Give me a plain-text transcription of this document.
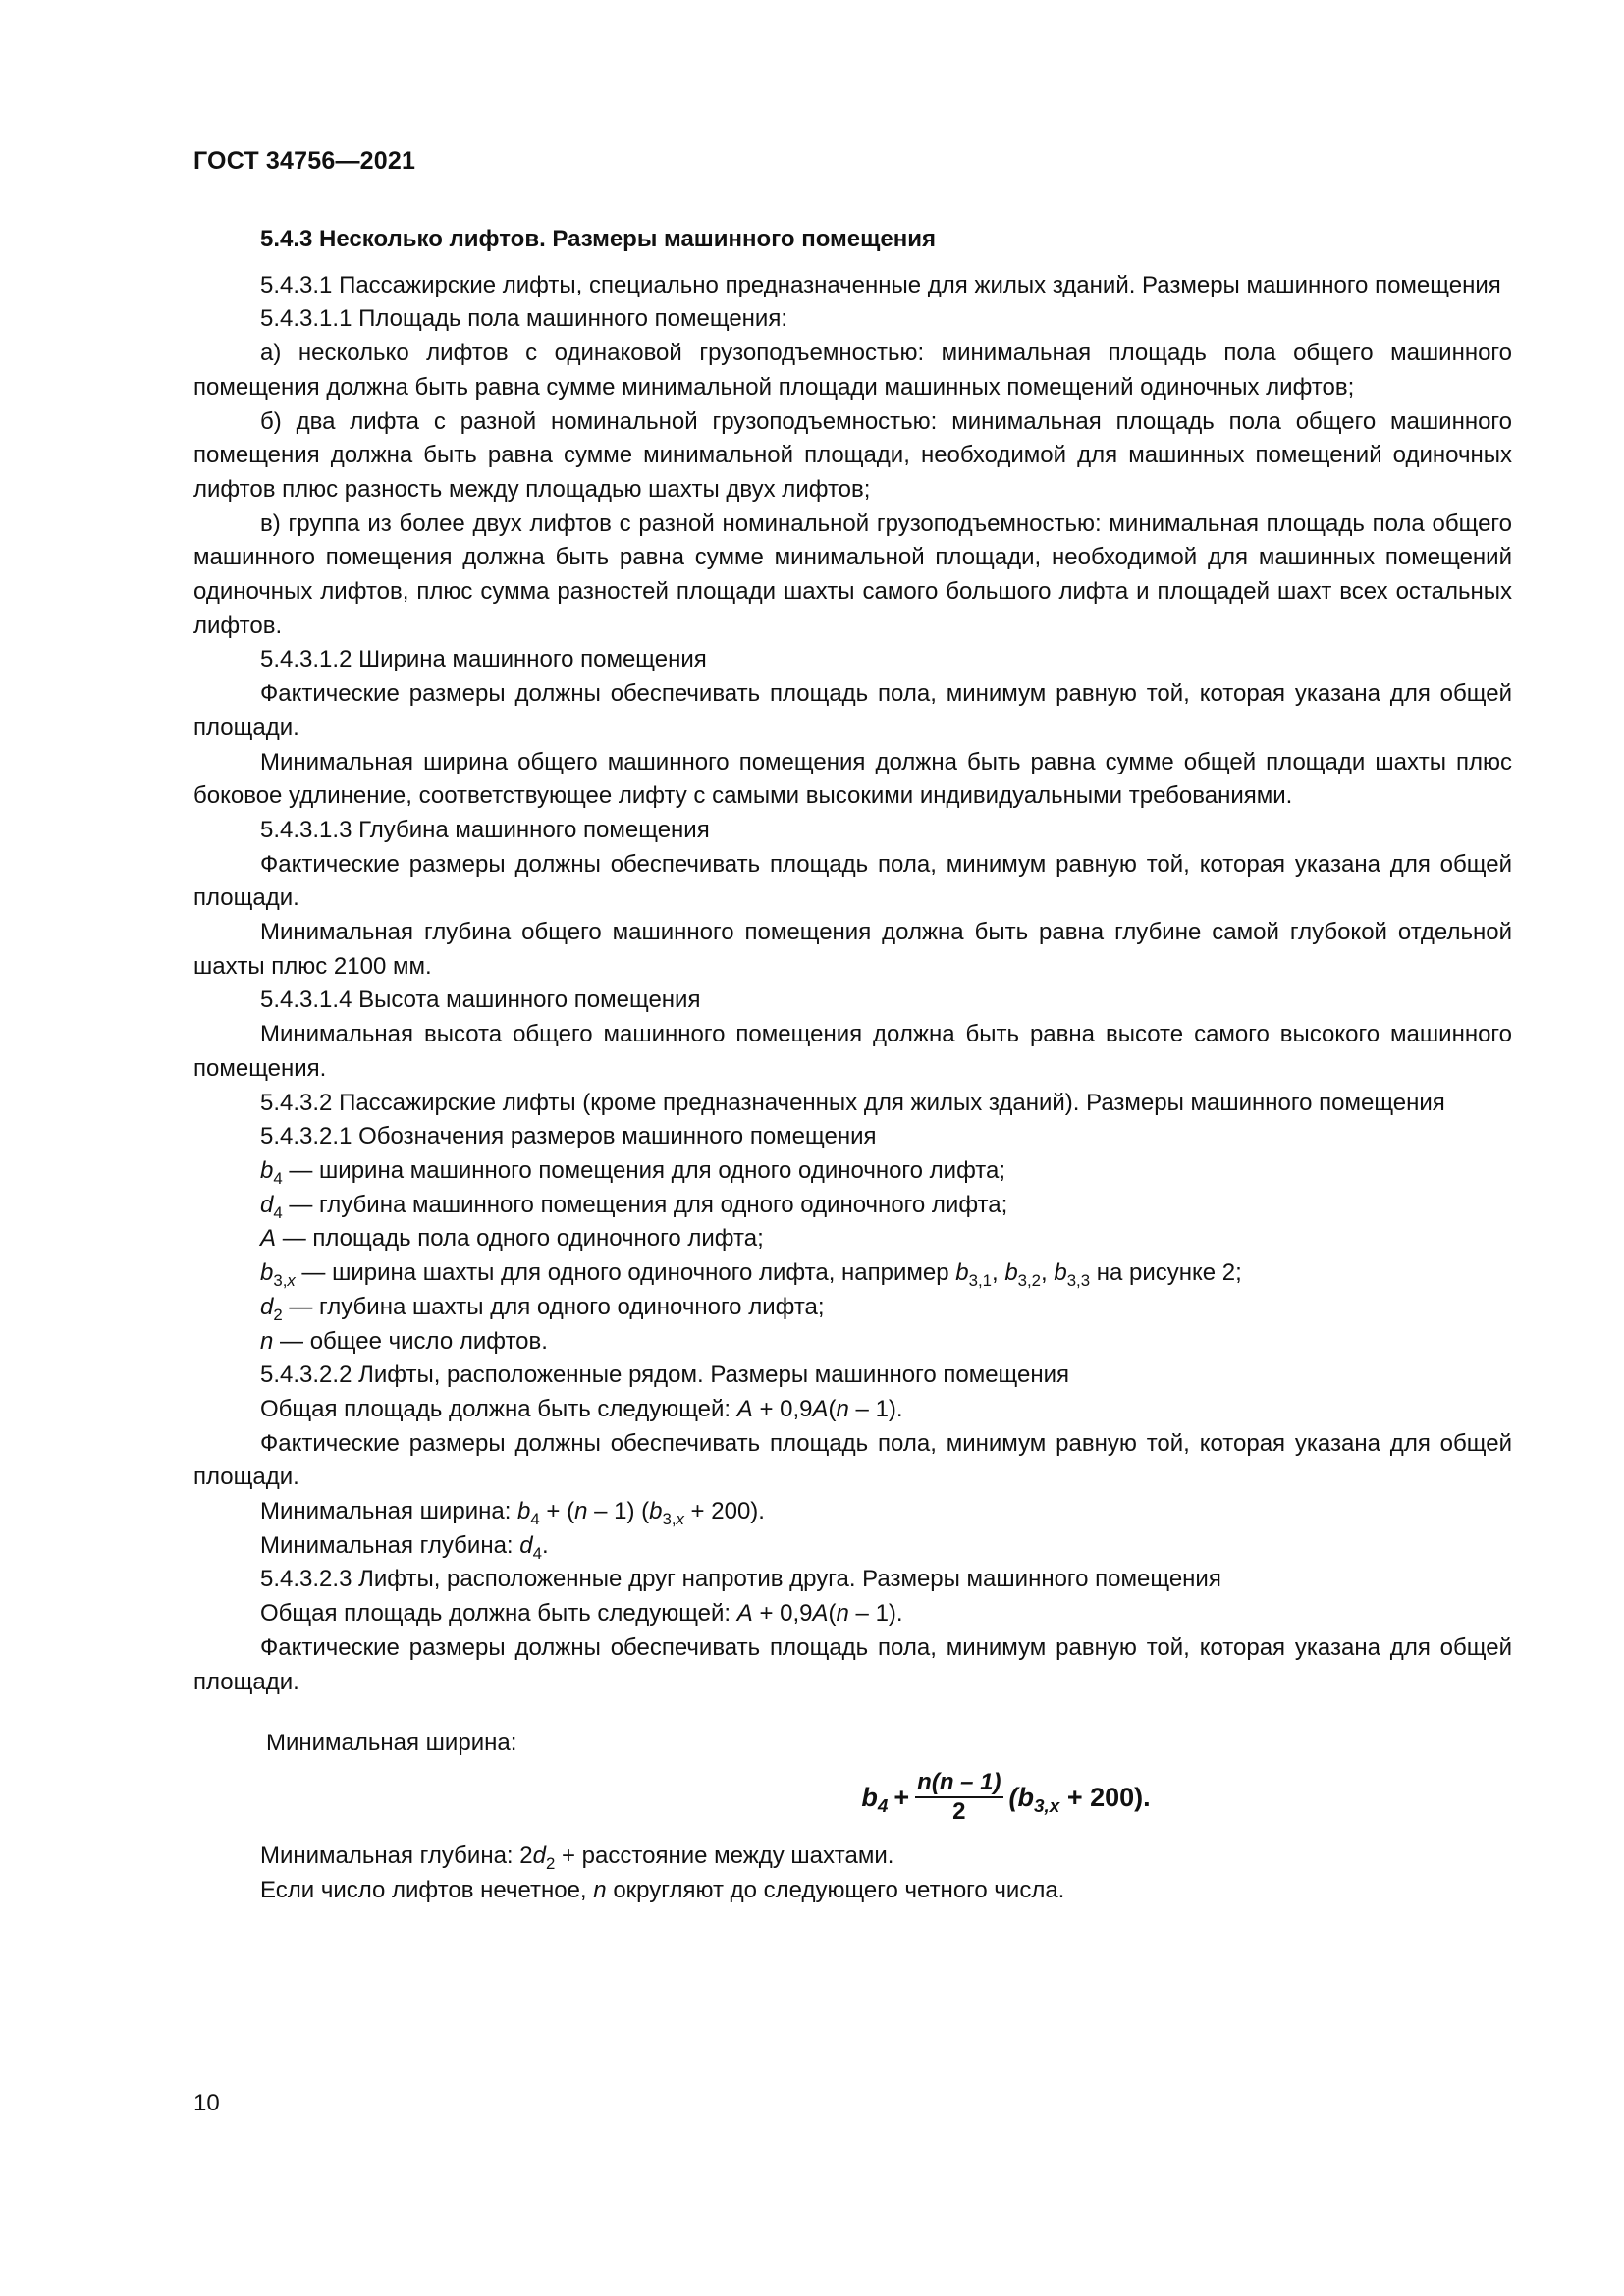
ГОСТ 34756—2021

5.4.3 Несколько лифтов. Размеры машинного помещения

5.4.3.1 Пассажирские лифты, специально предназначенные для жилых зданий. Размеры машинного помещения

5.4.3.1.1 Площадь пола машинного помещения:

а) несколько лифтов с одинаковой грузоподъемностью: минимальная площадь пола общего машинного помещения должна быть равна сумме минимальной площади машинных помещений одиночных лифтов;

б) два лифта с разной номинальной грузоподъемностью: минимальная площадь пола общего машинного помещения должна быть равна сумме минимальной площади, необходимой для машинных помещений одиночных лифтов плюс разность между площадью шахты двух лифтов;

в) группа из более двух лифтов с разной номинальной грузоподъемностью: минимальная площадь пола общего машинного помещения должна быть равна сумме минимальной площади, необходимой для машинных помещений одиночных лифтов, плюс сумма разностей площади шахты самого большого лифта и площадей шахт всех остальных лифтов.

5.4.3.1.2 Ширина машинного помещения

Фактические размеры должны обеспечивать площадь пола, минимум равную той, которая указана для общей площади.

Минимальная ширина общего машинного помещения должна быть равна сумме общей площади шахты плюс боковое удлинение, соответствующее лифту с самыми высокими индивидуальными требованиями.

5.4.3.1.3 Глубина машинного помещения

Фактические размеры должны обеспечивать площадь пола, минимум равную той, которая указана для общей площади.

Минимальная глубина общего машинного помещения должна быть равна глубине самой глубокой отдельной шахты плюс 2100 мм.

5.4.3.1.4 Высота машинного помещения

Минимальная высота общего машинного помещения должна быть равна высоте самого высокого машинного помещения.

5.4.3.2 Пассажирские лифты (кроме предназначенных для жилых зданий). Размеры машинного помещения

5.4.3.2.1 Обозначения размеров машинного помещения

$b_4$ — ширина машинного помещения для одного одиночного лифта;

$d_4$ — глубина машинного помещения для одного одиночного лифта;

A — площадь пола одного одиночного лифта;

$b_{3,x}$ — ширина шахты для одного одиночного лифта, например $b_{3,1}$, $b_{3,2}$, $b_{3,3}$ на рисунке 2;

$d_2$ — глубина шахты для одного одиночного лифта;

n — общее число лифтов.

5.4.3.2.2 Лифты, расположенные рядом. Размеры машинного помещения

Общая площадь должна быть следующей: A + 0,9A(n – 1).

Фактические размеры должны обеспечивать площадь пола, минимум равную той, которая указана для общей площади.

Минимальная ширина: $b_4 + (n - 1) (b_{3,x} + 200)$.

Минимальная глубина: $d_4$.

5.4.3.2.3 Лифты, расположенные друг напротив друга. Размеры машинного помещения

Общая площадь должна быть следующей: A + 0,9A(n – 1).

Фактические размеры должны обеспечивать площадь пола, минимум равную той, которая указана для общей площади.

Минимальная ширина:

$b_4 + \frac{n(n - 1)}{2} (b_{3,x} + 200)$.

Минимальная глубина: $2d_2$ + расстояние между шахтами.

Если число лифтов нечетное, n округляют до следующего четного числа.

10
